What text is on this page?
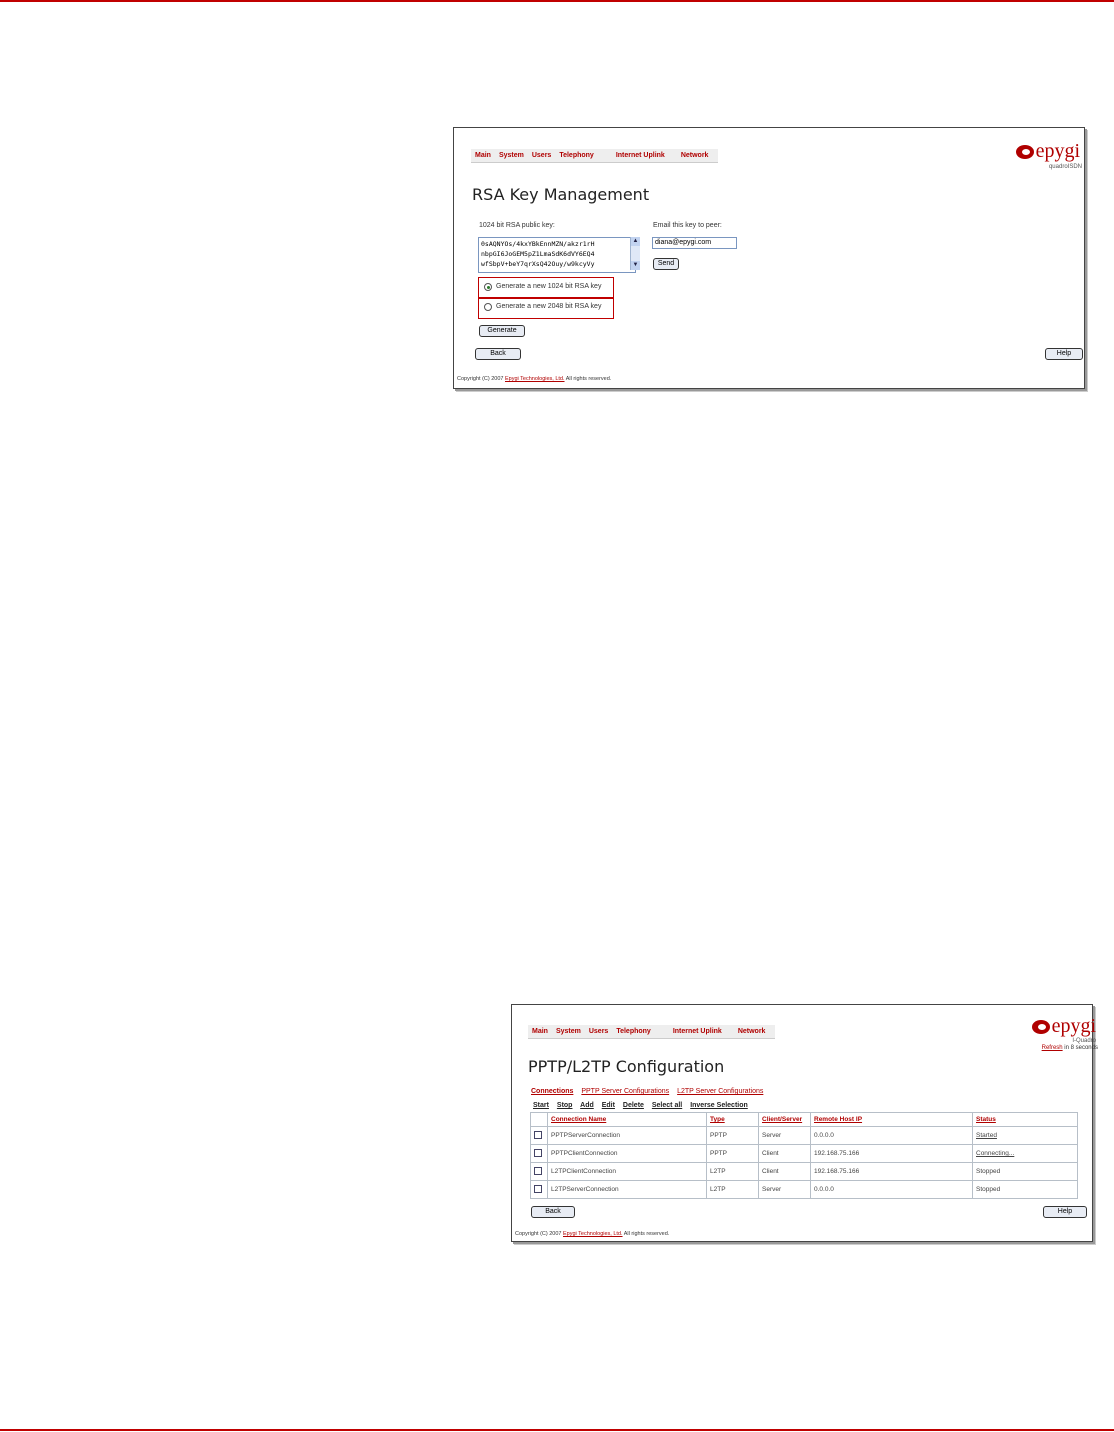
Main	System	Users	Telephony	Internet Uplink	Network	epygi
quadroISDN
RSA Key Management
1024 bit RSA public key:
0sAQNYOs/4kxYBkEnnMZN/akzr1rH
nbpGI6JoGEM5pZ1LmaSdK6dVY6EQ4
wfSbpV+beY7qrXsQ42Ouy/w9kcyVy
▲
▼
Email this key to peer:
diana@epygi.com
Send
Generate a new 1024 bit RSA key
Generate a new 2048 bit RSA key
Generate
Back	Help
Copyright (C) 2007 Epygi Technologies, Ltd. All rights reserved.
Main	System	Users	Telephony	Internet Uplink	Network	epygi
I-Quadro
Refresh in 8 seconds
PPTP/L2TP Configuration
Connections PPTP Server Configurations L2TP Server Configurations
Start Stop Add Edit Delete Select all Inverse Selection
	Connection Name	Type	Client/Server	Remote Host IP	Status
	PPTPServerConnection	PPTP	Server	0.0.0.0	Started
	PPTPClientConnection	PPTP	Client	192.168.75.166	Connecting...
	L2TPClientConnection	L2TP	Client	192.168.75.166	Stopped
	L2TPServerConnection	L2TP	Server	0.0.0.0	Stopped
Back	Help
Copyright (C) 2007 Epygi Technologies, Ltd. All rights reserved.
